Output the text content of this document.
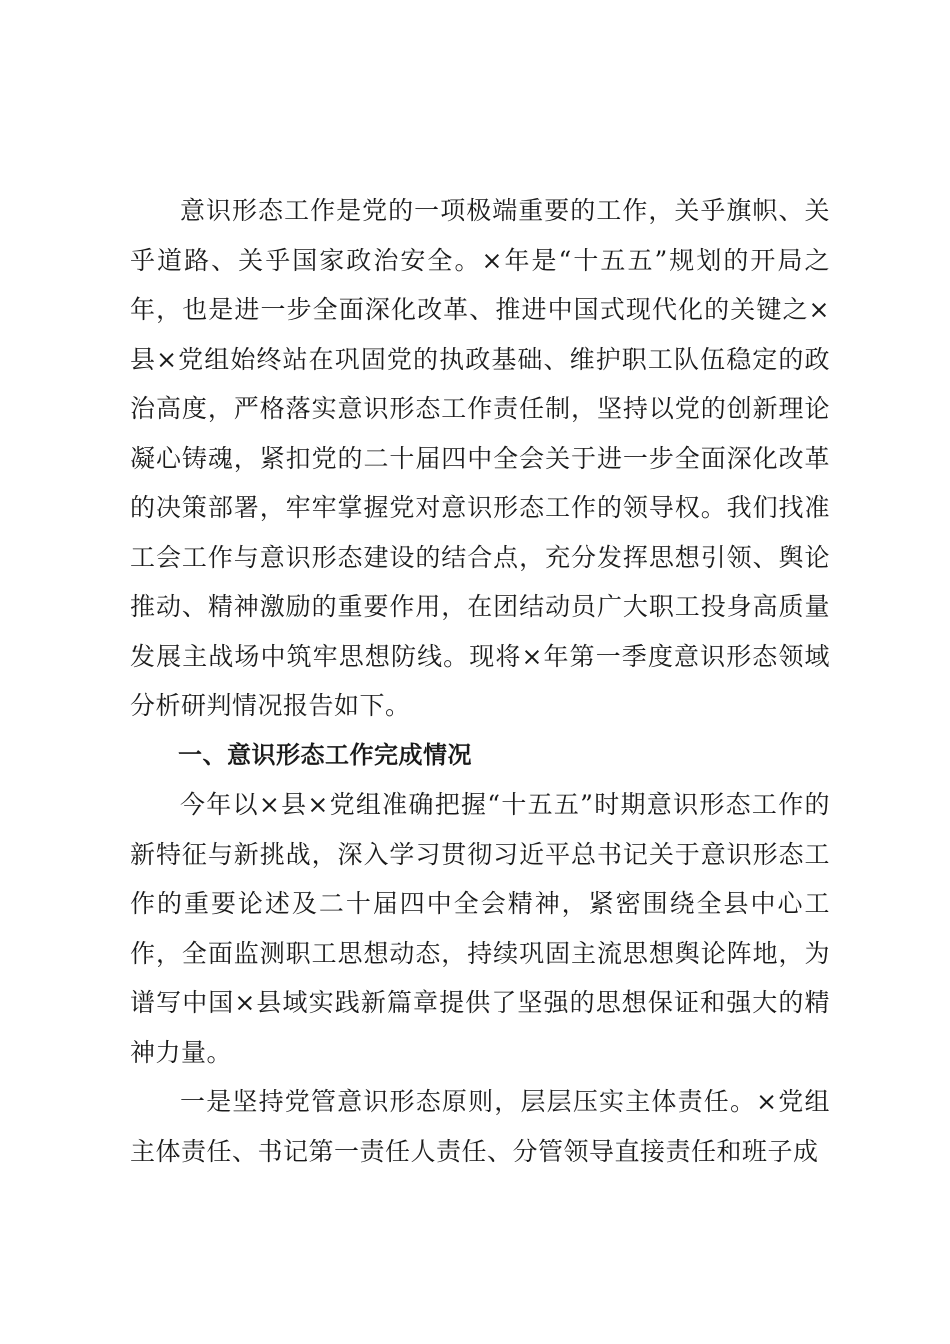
意识形态工作是党的一项极端重要的工作，关乎旗帜、关乎道路、关乎国家政治安全。×年是“十五五”规划的开局之年，也是进一步全面深化改革、推进中国式现代化的关键之×县×党组始终站在巩固党的执政基础、维护职工队伍稳定的政治高度，严格落实意识形态工作责任制，坚持以党的创新理论凝心铸魂，紧扣党的二十届四中全会关于进一步全面深化改革的决策部署，牢牢掌握党对意识形态工作的领导权。我们找准工会工作与意识形态建设的结合点，充分发挥思想引领、舆论推动、精神激励的重要作用，在团结动员广大职工投身高质量发展主战场中筑牢思想防线。现将×年第一季度意识形态领域分析研判情况报告如下。

一、意识形态工作完成情况

今年以×县×党组准确把握“十五五”时期意识形态工作的新特征与新挑战，深入学习贯彻习近平总书记关于意识形态工作的重要论述及二十届四中全会精神，紧密围绕全县中心工作，全面监测职工思想动态，持续巩固主流思想舆论阵地，为谱写中国×县域实践新篇章提供了坚强的思想保证和强大的精神力量。

一是坚持党管意识形态原则，层层压实主体责任。×党组主体责任、书记第一责任人责任、分管领导直接责任和班子成
